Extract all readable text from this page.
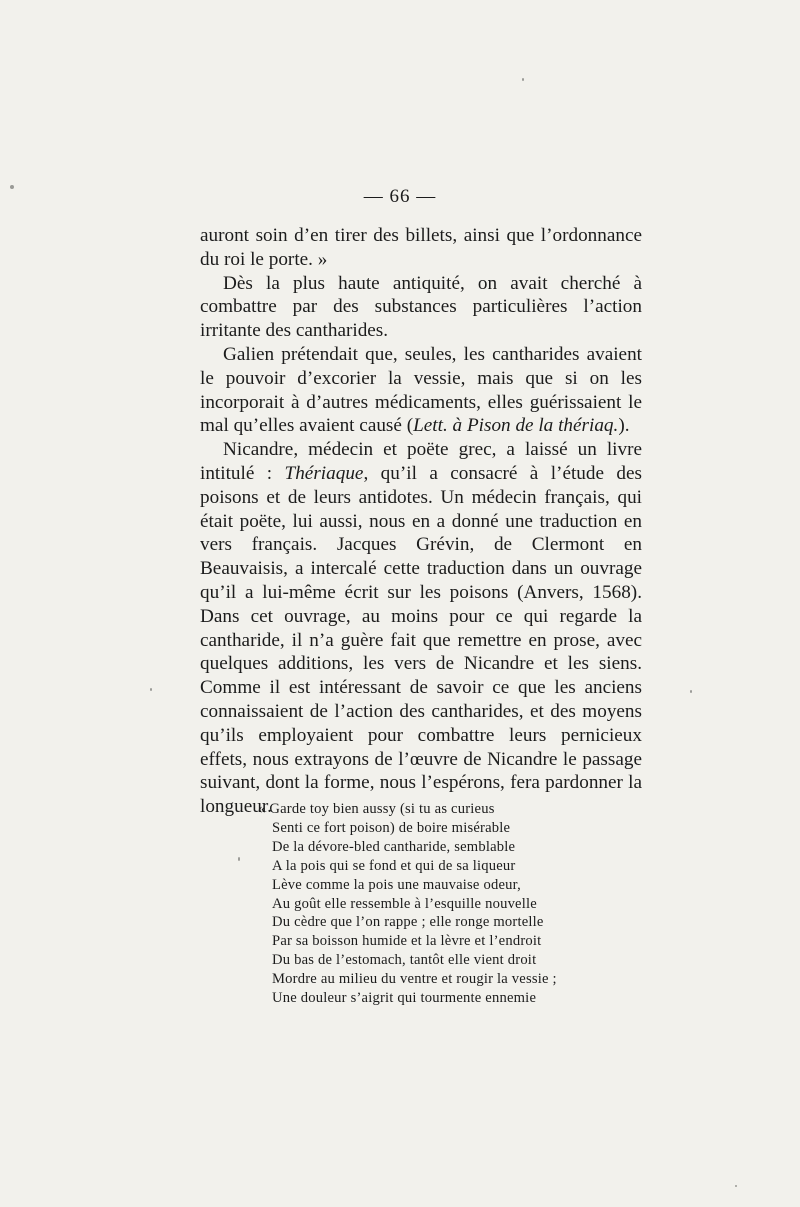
— 66 —

auront soin d’en tirer des billets, ainsi que l’ordonnance du roi le porte. »

Dès la plus haute antiquité, on avait cherché à combattre par des substances particulières l’action irritante des cantharides.

Galien prétendait que, seules, les cantharides avaient le pouvoir d’excorier la vessie, mais que si on les incorporait à d’autres médicaments, elles guérissaient le mal qu’elles avaient causé (Lett. à Pison de la thériaq.).

Nicandre, médecin et poëte grec, a laissé un livre intitulé : Thériaque, qu’il a consacré à l’étude des poisons et de leurs antidotes. Un médecin français, qui était poëte, lui aussi, nous en a donné une traduction en vers français. Jacques Grévin, de Clermont en Beauvaisis, a intercalé cette traduction dans un ouvrage qu’il a lui-même écrit sur les poisons (Anvers, 1568). Dans cet ouvrage, au moins pour ce qui regarde la cantharide, il n’a guère fait que remettre en prose, avec quelques additions, les vers de Nicandre et les siens. Comme il est intéressant de savoir ce que les anciens connaissaient de l’action des cantharides, et des moyens qu’ils employaient pour combattre leurs pernicieux effets, nous extrayons de l’œuvre de Nicandre le passage suivant, dont la forme, nous l’espérons, fera pardonner la longueur.

« Garde toy bien aussy (si tu as curieus
Senti ce fort poison) de boire misérable
De la dévore-bled cantharide, semblable
A la pois qui se fond et qui de sa liqueur
Lève comme la pois une mauvaise odeur,
Au goût elle ressemble à l’esquille nouvelle
Du cèdre que l’on rappe ; elle ronge mortelle
Par sa boisson humide et la lèvre et l’endroit
Du bas de l’estomach, tantôt elle vient droit
Mordre au milieu du ventre et rougir la vessie ;
Une douleur s’aigrit qui tourmente ennemie
